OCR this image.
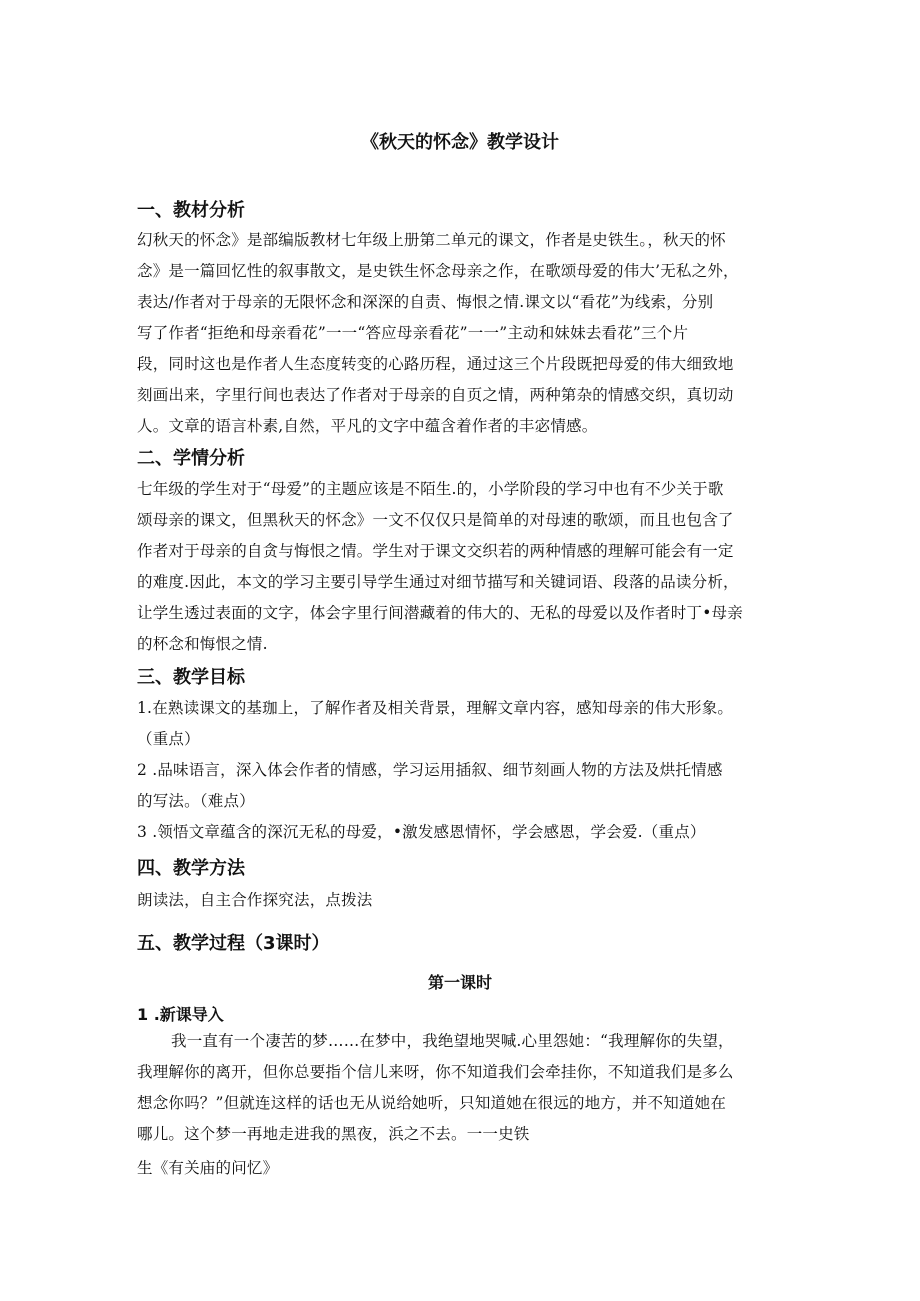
《秋天的怀念》教学设计
一、教材分析
幻秋天的怀念》是部编版教材七年级上册第二单元的课文，作者是史铁生。，秋天的怀
念》是一篇回忆性的叙事散文，是史铁生怀念母亲之作，在歌颂母爱的伟大’无私之外，
表达/作者对于母亲的无限怀念和深深的自责、悔恨之情.课文以“看花”为线索，分别
写了作者“拒绝和母亲看花”一一“答应母亲看花”一一”主动和妹妹去看花”三个片
段，同时这也是作者人生态度转变的心路历程，通过这三个片段既把母爱的伟大细致地
刻画出来，字里行间也表达了作者对于母亲的自页之情，两种第杂的情感交织，真切动
人。文章的语言朴素,自然，平凡的文字中蕴含着作者的丰宓情感。
二、学情分析
七年级的学生对于“母爱”的主题应该是不陌生.的，小学阶段的学习中也有不少关于歌
颂母亲的课文，但黑秋天的怀念》一文不仅仅只是简单的对母速的歌颂，而且也包含了
作者对于母亲的自贪与悔恨之情。学生对于课文交织若的两种情感的理解可能会有一定
的难度.因此，本文的学习主要引导学生通过对细节描写和关键词语、段落的品读分析，
让学生透过表面的文字，体会字里行间潜藏着的伟大的、无私的母爱以及作者时丁•母亲
的杯念和悔恨之情.
三、教学目标
1.在熟读课文的基珈上，了解作者及相关背景，理解文章内容，感知母亲的伟大形象。
（重点）
2 .品味语言，深入体会作者的情感，学习运用插叙、细节刻画人物的方法及烘托情感
的写法。（难点）
3 .领悟文章蕴含的深沉无私的母爱，•激发感恩情怀，学会感恩，学会爱.（重点）
四、教学方法
朗读法，自主合作探究法，点拨法
五、教学过程（3课时）
第一课时
1 .新课导入
我一直有一个凄苦的梦……在梦中，我绝望地哭喊.心里怨她：“我理解你的失望，
我理解你的离开，但你总要指个信儿来呀，你不知道我们会牵挂你，不知道我们是多么
想念你吗？”但就连这样的话也无从说给她听，只知道她在很远的地方，并不知道她在
哪儿。这个梦一再地走进我的黑夜，浜之不去。一一史铁
生《有关庙的问忆》
